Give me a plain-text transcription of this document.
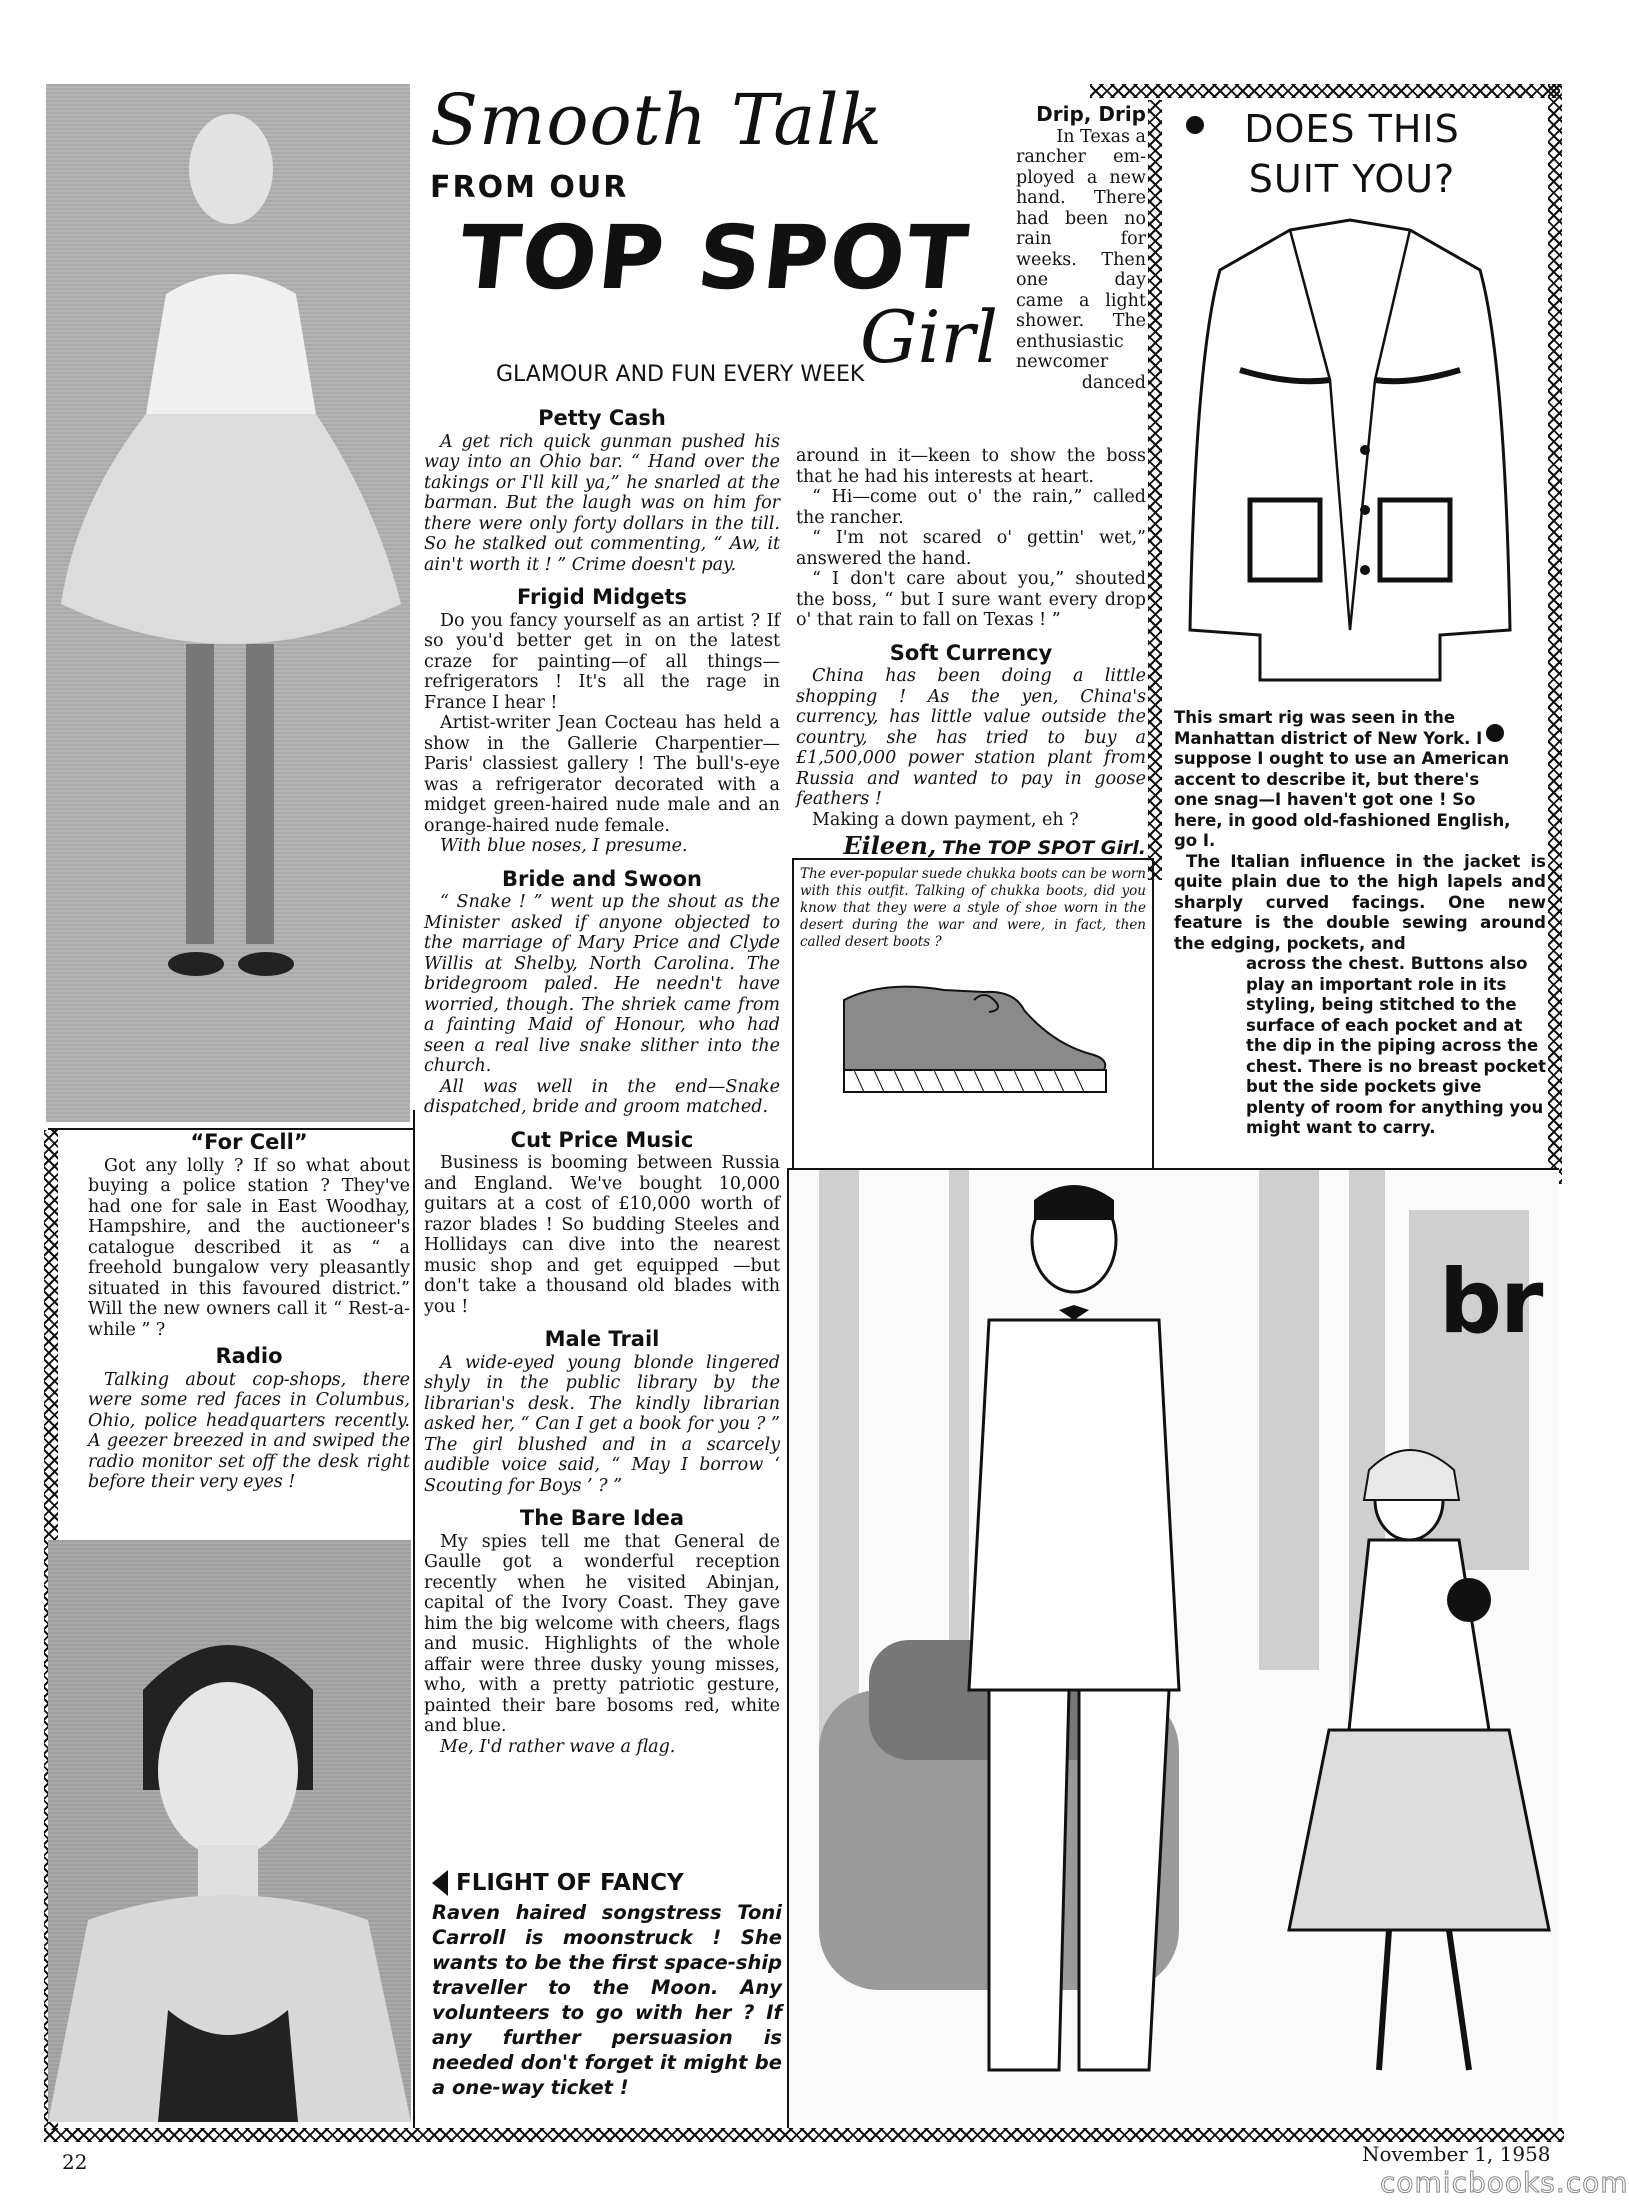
Smooth Talk
FROM OUR
TOP SPOT
Girl
GLAMOUR AND FUN EVERY WEEK
“For Cell”

Got any lolly ? If so what about buying a police station ? They've had one for sale in East Woodhay, Hampshire, and the auctioneer's catalogue described it as “ a freehold bungalow very pleasantly situated in this favoured district.” Will the new owners call it “ Rest-a-while ” ?

Radio

Talking about cop-shops, there were some red faces in Columbus, Ohio, police headquarters recently. A geezer breezed in and swiped the radio monitor set off the desk right before their very eyes !

Petty Cash

A get rich quick gunman pushed his way into an Ohio bar. “ Hand over the takings or I'll kill ya,” he snarled at the barman. But the laugh was on him for there were only forty dollars in the till. So he stalked out commenting, “ Aw, it ain't worth it ! ” Crime doesn't pay.

Frigid Midgets

Do you fancy yourself as an artist ? If so you'd better get in on the latest craze for painting—of all things—refrigerators ! It's all the rage in France I hear !

Artist-writer Jean Cocteau has held a show in the Gallerie Charpentier—Paris' classiest gallery ! The bull's-eye was a refrigerator decorated with a midget green-haired nude male and an orange-haired nude female.

With blue noses, I presume.

Bride and Swoon

“ Snake ! ” went up the shout as the Minister asked if anyone objected to the marriage of Mary Price and Clyde Willis at Shelby, North Carolina. The bridegroom paled. He needn't have worried, though. The shriek came from a fainting Maid of Honour, who had seen a real live snake slither into the church.

All was well in the end—Snake dispatched, bride and groom matched.

Cut Price Music

Business is booming between Russia and England. We've bought 10,000 guitars at a cost of £10,000 worth of razor blades ! So budding Steeles and Hollidays can dive into the nearest music shop and get equipped —but don't take a thousand old blades with you !

Male Trail

A wide-eyed young blonde lingered shyly in the public library by the librarian's desk. The kindly librarian asked her, “ Can I get a book for you ? ” The girl blushed and in a scarcely audible voice said, “ May I borrow ‘ Scouting for Boys ’ ? ”

The Bare Idea

My spies tell me that General de Gaulle got a wonderful reception recently when he visited Abinjan, capital of the Ivory Coast. They gave him the big welcome with cheers, flags and music. Highlights of the whole affair were three dusky young misses, who, with a pretty patriotic gesture, painted their bare bosoms red, white and blue.

Me, I'd rather wave a flag.

FLIGHT OF FANCY

Raven haired songstress Toni Carroll is moonstruck ! She wants to be the first space-ship traveller to the Moon. Any volunteers to go with her ? If any further persuasion is needed don't forget it might be a one-way ticket !

Drip, Drip
In Texas a
rancher em-
ployed a new
hand. There
had been no
rain for
weeks. Then
one day
came a light
shower. The
enthusiastic
newcomer
danced

around in it—keen to show the boss that he had his interests at heart.

“ Hi—come out o' the rain,” called the rancher.

“ I'm not scared o' gettin' wet,” answered the hand.

“ I don't care about you,” shouted the boss, “ but I sure want every drop o' that rain to fall on Texas ! ”

Soft Currency

China has been doing a little shopping ! As the yen, China's currency, has little value outside the country, she has tried to buy a £1,500,000 power station plant from Russia and wanted to pay in goose feathers !

Making a down payment, eh ?

Eileen, The TOP SPOT Girl.

The ever-popular suede chukka boots can be worn with this outfit. Talking of chukka boots, did you know that they were a style of shoe worn in the desert during the war and were, in fact, then called desert boots ?

DOES THIS SUIT YOU?

This smart rig was seen in the Manhattan district of New York. I suppose I ought to use an American accent to describe it, but there's one snag—I haven't got one ! So here, in good old-fashioned English, go I.

The Italian influence in the jacket is quite plain due to the high lapels and sharply curved facings. One new feature is the double sewing around the edging, pockets, and

across the chest. Buttons also play an important role in its styling, being stitched to the surface of each pocket and at the dip in the piping across the chest. There is no breast pocket but the side pockets give plenty of room for anything you might want to carry.

br
22	November 1, 1958
comicbooks.com
